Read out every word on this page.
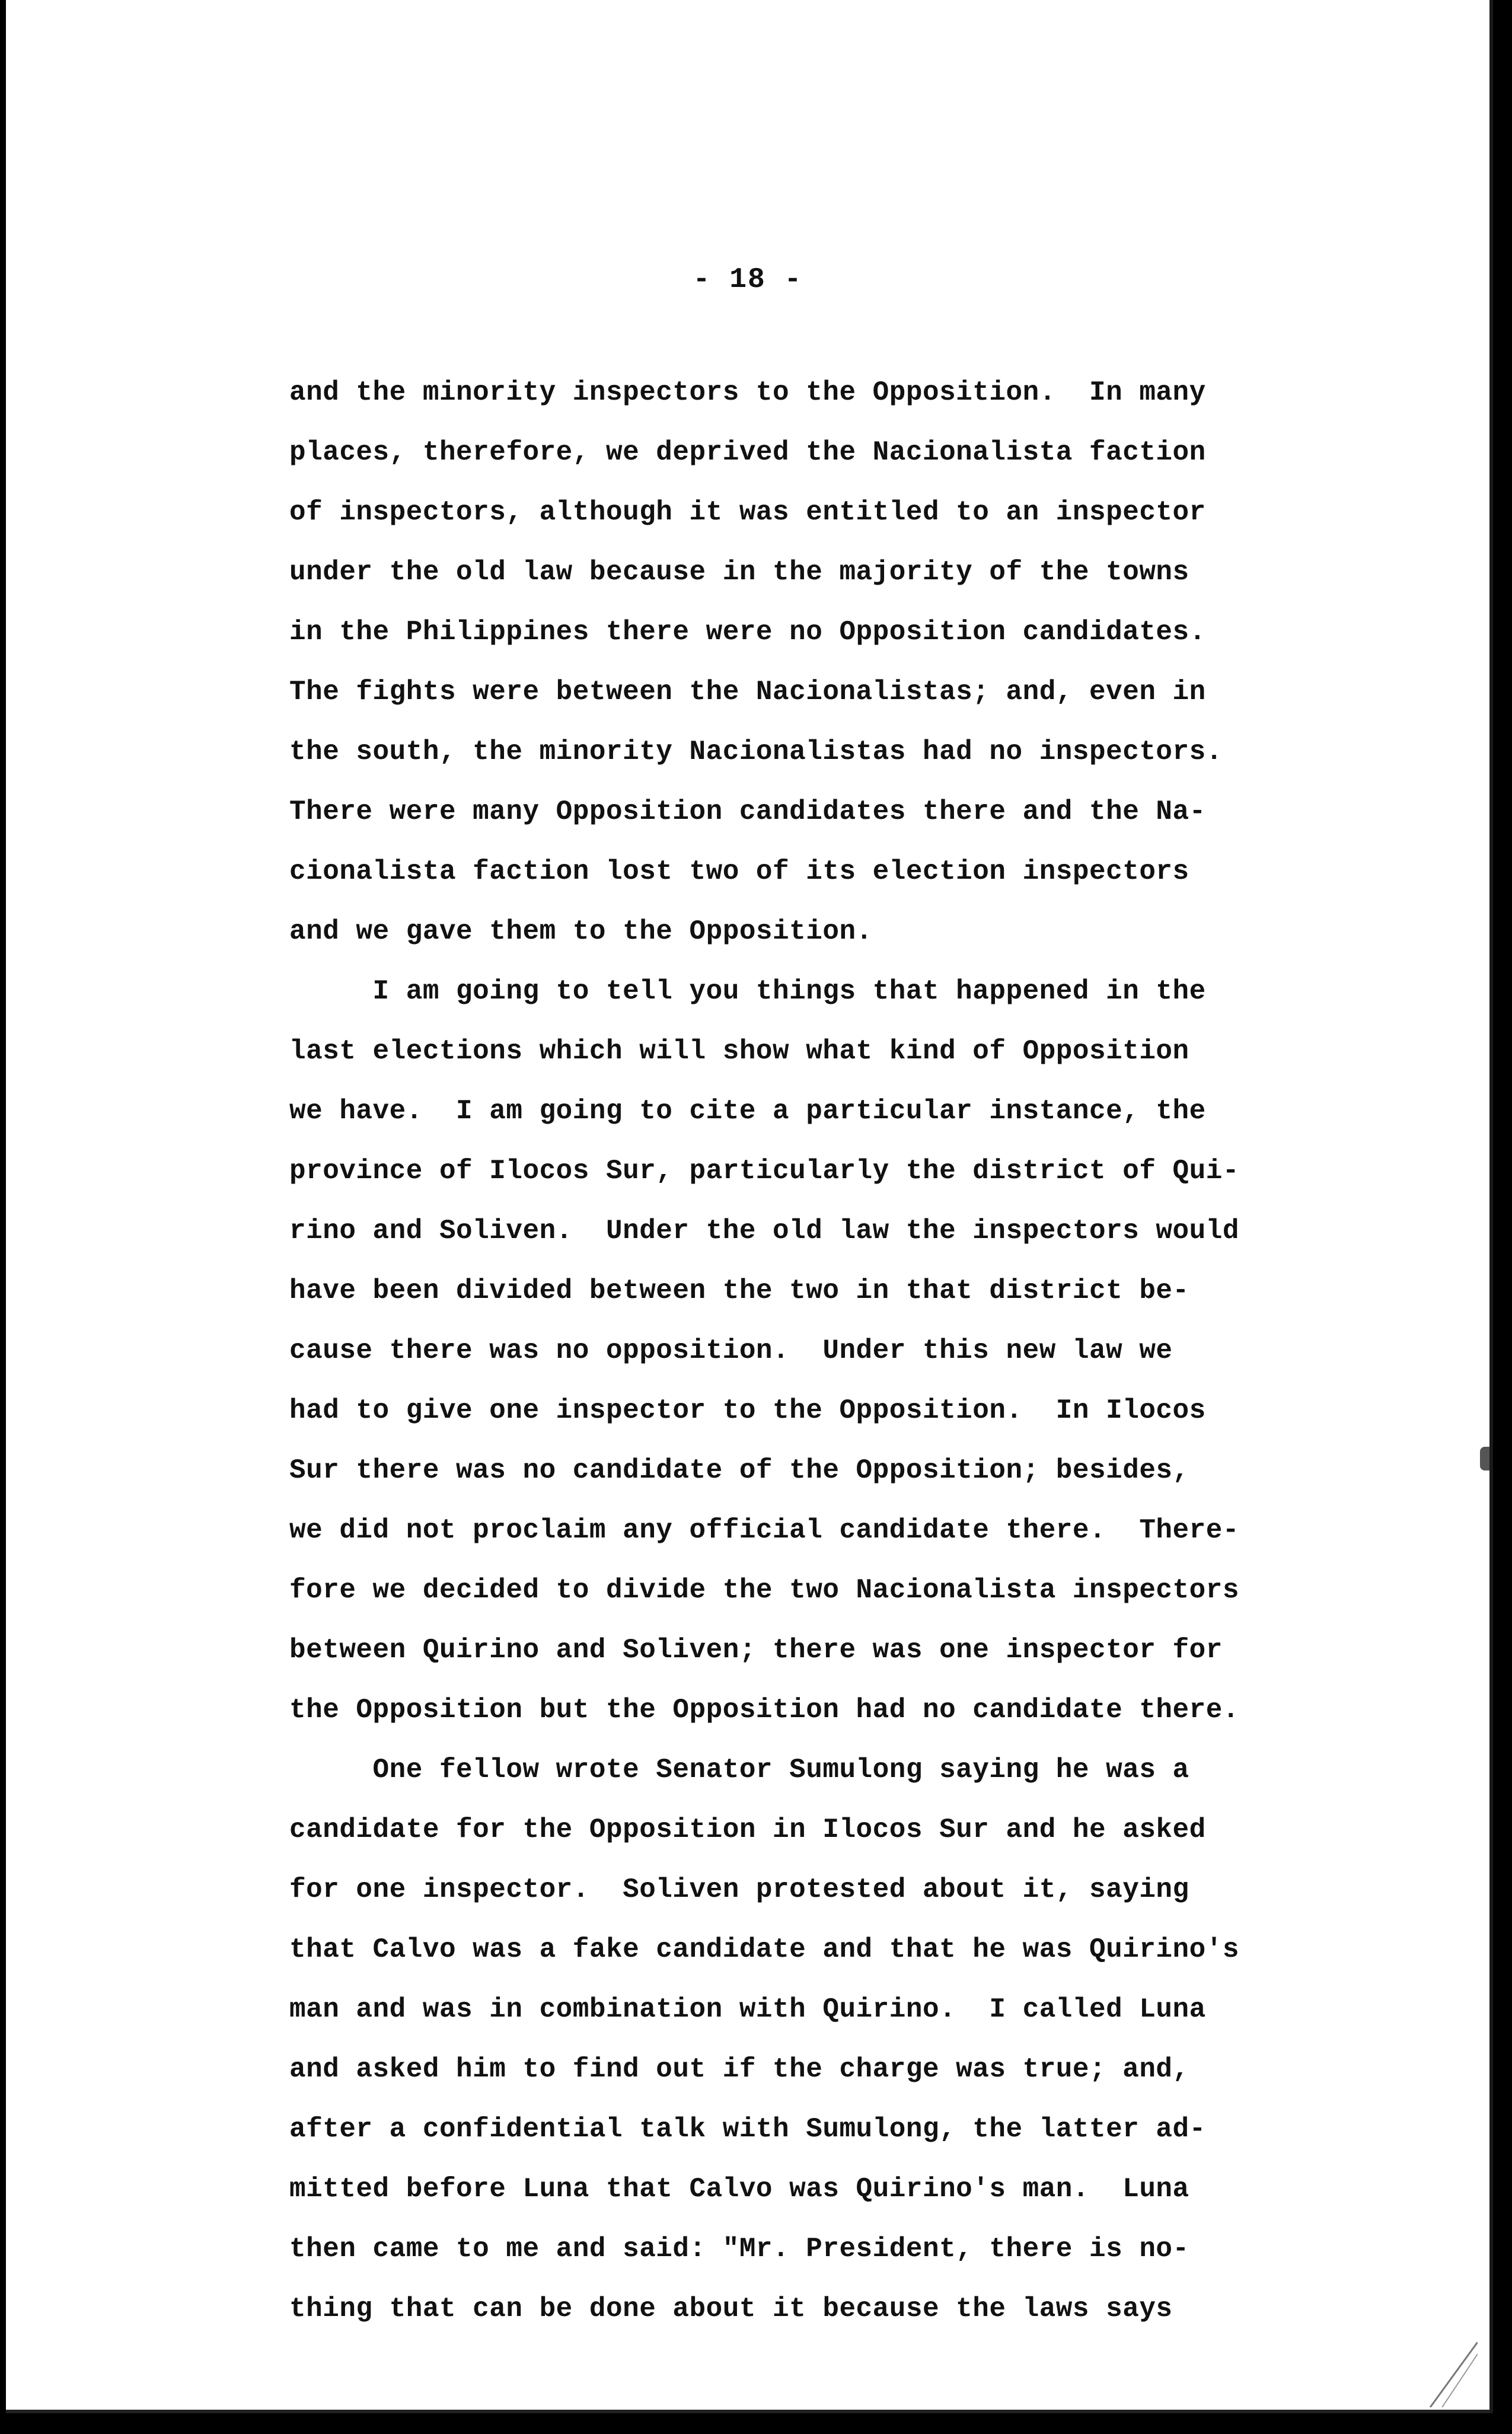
- 18 -
and the minority inspectors to the Opposition.  In many
places, therefore, we deprived the Nacionalista faction
of inspectors, although it was entitled to an inspector
under the old law because in the majority of the towns
in the Philippines there were no Opposition candidates.
The fights were between the Nacionalistas; and, even in
the south, the minority Nacionalistas had no inspectors.
There were many Opposition candidates there and the Na-
cionalista faction lost two of its election inspectors
and we gave them to the Opposition.
I am going to tell you things that happened in the
last elections which will show what kind of Opposition
we have.  I am going to cite a particular instance, the
province of Ilocos Sur, particularly the district of Qui-
rino and Soliven.  Under the old law the inspectors would
have been divided between the two in that district be-
cause there was no opposition.  Under this new law we
had to give one inspector to the Opposition.  In Ilocos
Sur there was no candidate of the Opposition; besides,
we did not proclaim any official candidate there.  There-
fore we decided to divide the two Nacionalista inspectors
between Quirino and Soliven; there was one inspector for
the Opposition but the Opposition had no candidate there.
One fellow wrote Senator Sumulong saying he was a
candidate for the Opposition in Ilocos Sur and he asked
for one inspector.  Soliven protested about it, saying
that Calvo was a fake candidate and that he was Quirino's
man and was in combination with Quirino.  I called Luna
and asked him to find out if the charge was true; and,
after a confidential talk with Sumulong, the latter ad-
mitted before Luna that Calvo was Quirino's man.  Luna
then came to me and said: "Mr. President, there is no-
thing that can be done about it because the laws says
